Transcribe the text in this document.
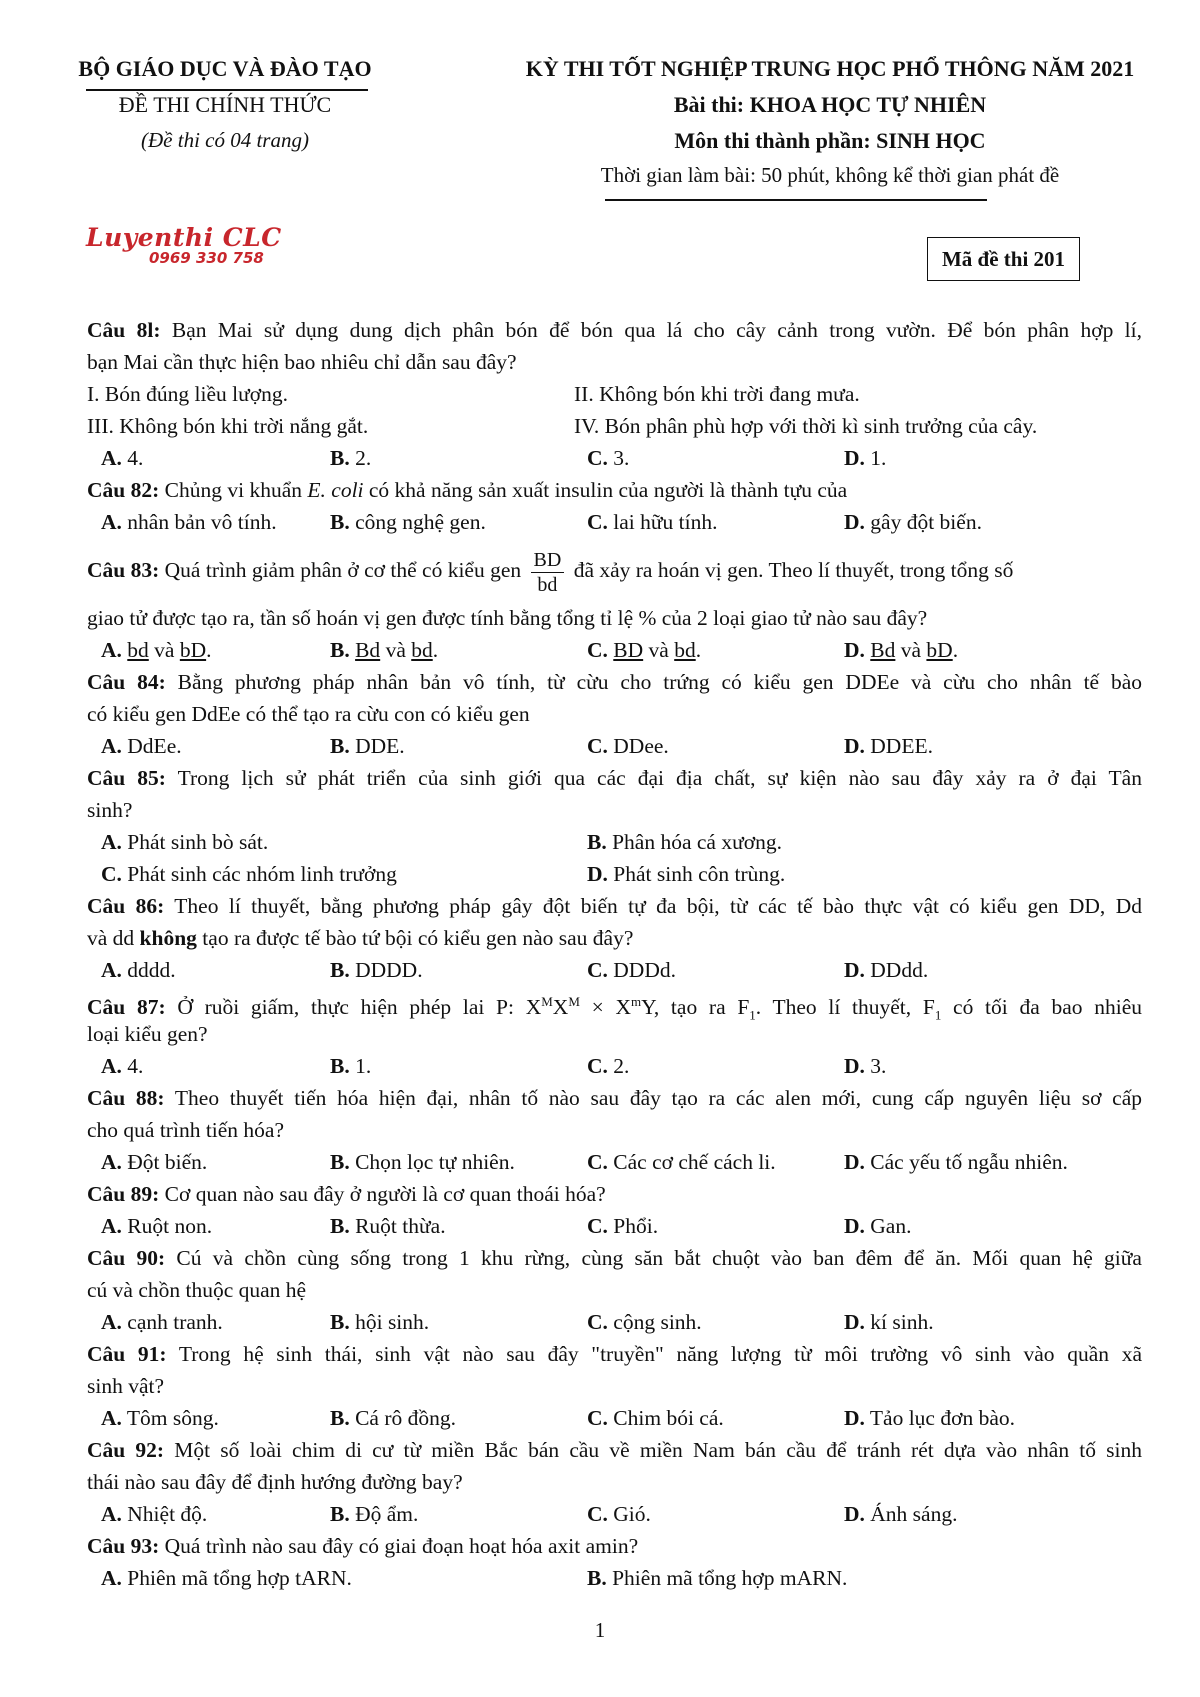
BỘ GIÁO DỤC VÀ ĐÀO TẠO
ĐỀ THI CHÍNH THỨC
(Đề thi có 04 trang)
KỲ THI TỐT NGHIỆP TRUNG HỌC PHỔ THÔNG NĂM 2021
Bài thi: KHOA HỌC TỰ NHIÊN
Môn thi thành phần: SINH HỌC
Thời gian làm bài: 50 phút, không kể thời gian phát đề
Luyenthi CLC
0969 330 758	Mã đề thi 201
Câu 8l: Bạn Mai sử dụng dung dịch phân bón để bón qua lá cho cây cảnh trong vườn. Để bón phân hợp lí,
bạn Mai cần thực hiện bao nhiêu chỉ dẫn sau đây?
I. Bón đúng liều lượng.	II. Không bón khi trời đang mưa.
III. Không bón khi trời nắng gắt.	IV. Bón phân phù hợp với thời kì sinh trưởng của cây.
A. 4.	B. 2.	C. 3.	D. 1.
Câu 82: Chủng vi khuẩn E. coli có khả năng sản xuất insulin của người là thành tựu của
A. nhân bản vô tính. B. công nghệ gen.	C. lai hữu tính.	D. gây đột biến.
Câu 83: Quá trình giảm phân ở cơ thể có kiểu gen $\frac{BD}{bd}$ đã xảy ra hoán vị gen. Theo lí thuyết, trong tổng số
giao tử được tạo ra, tần số hoán vị gen được tính bằng tổng tỉ lệ % của 2 loại giao tử nào sau đây?
A. bd và bD.	B. Bd và bd.	C. BD và bd.	D. Bd và bD.
Câu 84: Bằng phương pháp nhân bản vô tính, từ cừu cho trứng có kiểu gen DDEe và cừu cho nhân tế bào
có kiểu gen DdEe có thể tạo ra cừu con có kiểu gen
A. DdEe.	B. DDE.	C. DDee.	D. DDEE.
Câu 85: Trong lịch sử phát triển của sinh giới qua các đại địa chất, sự kiện nào sau đây xảy ra ở đại Tân
sinh?
A. Phát sinh bò sát.	B. Phân hóa cá xương.
C. Phát sinh các nhóm linh trưởng	D. Phát sinh côn trùng.
Câu 86: Theo lí thuyết, bằng phương pháp gây đột biến tự đa bội, từ các tế bào thực vật có kiểu gen DD, Dd
và dd không tạo ra được tế bào tứ bội có kiểu gen nào sau đây?
A. dddd.	B. DDDD.	C. DDDd.	D. DDdd.
Câu 87: Ở ruồi giấm, thực hiện phép lai P: $X^MX^M \times X^mY$, tạo ra $F_1$. Theo lí thuyết, $F_1$ có tối đa bao nhiêu
loại kiểu gen?
A. 4.	B. 1.	C. 2.	D. 3.
Câu 88: Theo thuyết tiến hóa hiện đại, nhân tố nào sau đây tạo ra các alen mới, cung cấp nguyên liệu sơ cấp
cho quá trình tiến hóa?
A. Đột biến.	B. Chọn lọc tự nhiên.	C. Các cơ chế cách li.	D. Các yếu tố ngẫu nhiên.
Câu 89: Cơ quan nào sau đây ở người là cơ quan thoái hóa?
A. Ruột non.	B. Ruột thừa.	C. Phổi.	D. Gan.
Câu 90: Cú và chồn cùng sống trong 1 khu rừng, cùng săn bắt chuột vào ban đêm để ăn. Mối quan hệ giữa
cú và chồn thuộc quan hệ
A. cạnh tranh.	B. hội sinh.	C. cộng sinh.	D. kí sinh.
Câu 91: Trong hệ sinh thái, sinh vật nào sau đây "truyền" năng lượng từ môi trường vô sinh vào quần xã
sinh vật?
A. Tôm sông.	B. Cá rô đồng.	C. Chim bói cá.	D. Tảo lục đơn bào.
Câu 92: Một số loài chim di cư từ miền Bắc bán cầu về miền Nam bán cầu để tránh rét dựa vào nhân tố sinh
thái nào sau đây để định hướng đường bay?
A. Nhiệt độ.	B. Độ ẩm.	C. Gió.	D. Ánh sáng.
Câu 93: Quá trình nào sau đây có giai đoạn hoạt hóa axit amin?
A. Phiên mã tổng hợp tARN.	B. Phiên mã tổng hợp mARN.
1
